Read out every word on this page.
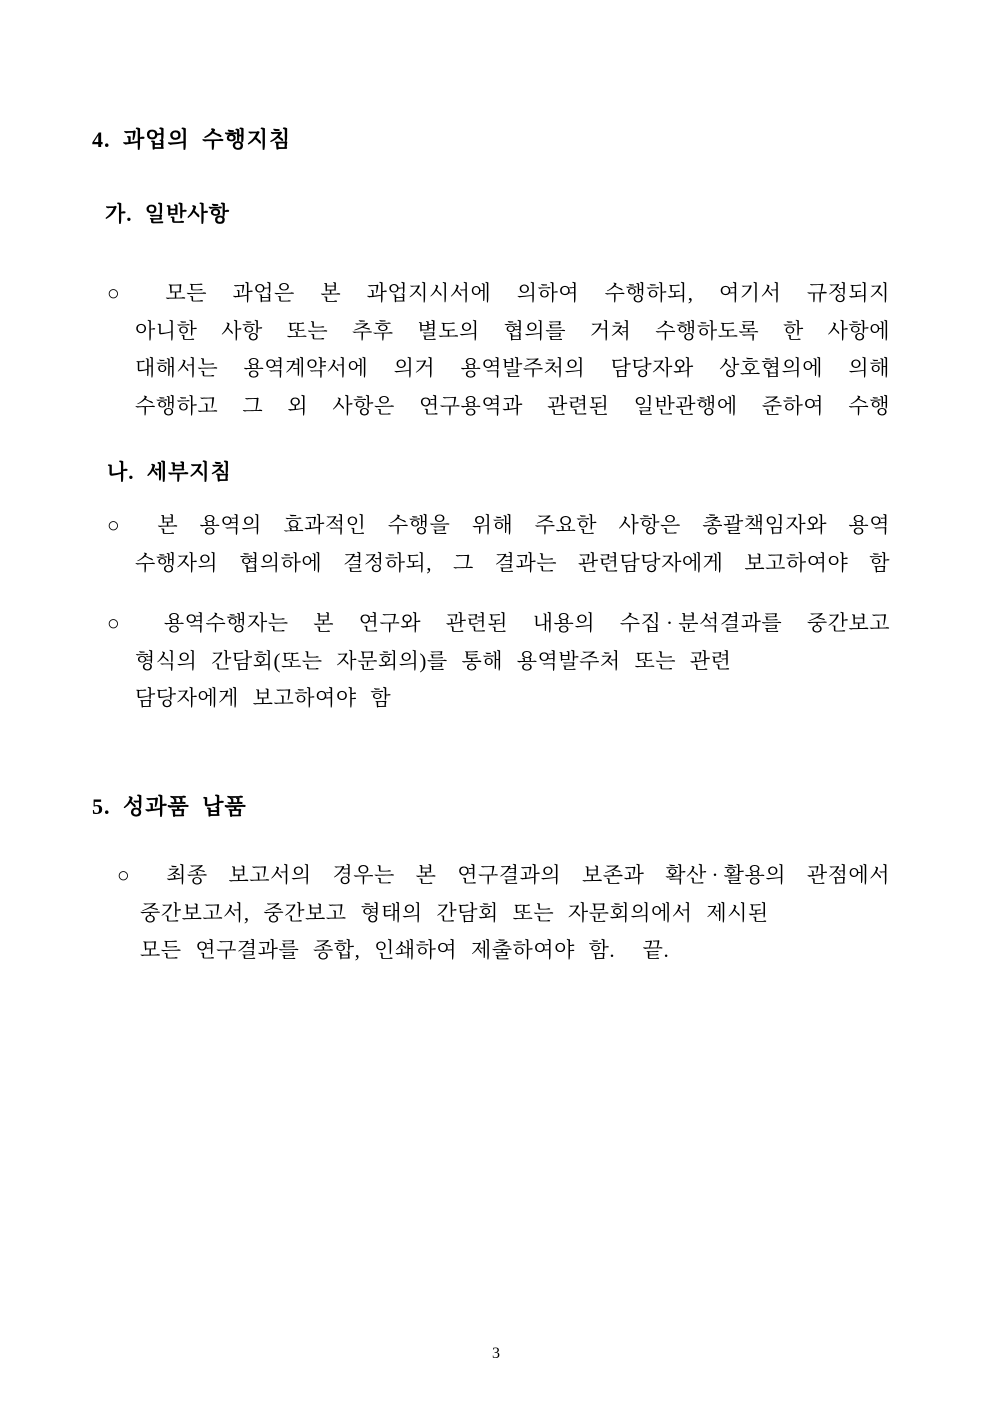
4. 과업의 수행지침
가. 일반사항
○ 모든 과업은 본 과업지시서에 의하여 수행하되, 여기서 규정되지
아니한 사항 또는 추후 별도의 협의를 거쳐 수행하도록 한 사항에
대해서는 용역계약서에 의거 용역발주처의 담당자와 상호협의에 의해
수행하고 그 외 사항은 연구용역과 관련된 일반관행에 준하여 수행
나. 세부지침
○ 본 용역의 효과적인 수행을 위해 주요한 사항은 총괄책임자와 용역
수행자의 협의하에 결정하되, 그 결과는 관련담당자에게 보고하여야 함
○ 용역수행자는 본 연구와 관련된 내용의 수집 · 분석결과를 중간보고
형식의 간담회(또는 자문회의)를 통해 용역발주처 또는 관련
담당자에게 보고하여야 함
5. 성과품 납품
○ 최종 보고서의 경우는 본 연구결과의 보존과 확산 · 활용의 관점에서
중간보고서, 중간보고 형태의 간담회 또는 자문회의에서 제시된
모든 연구결과를 종합, 인쇄하여 제출하여야 함.  끝.
3
